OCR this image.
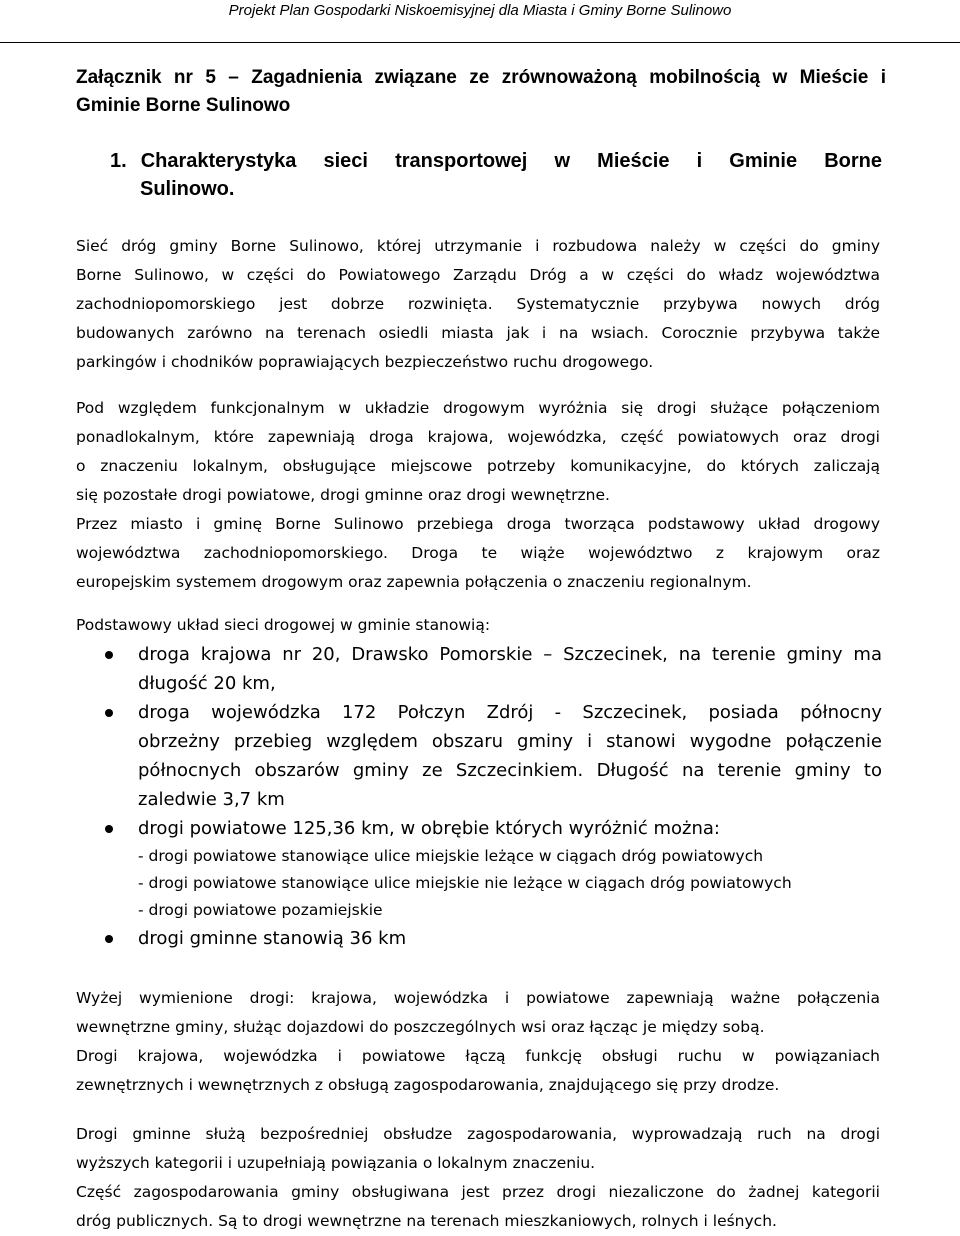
Projekt Plan Gospodarki Niskoemisyjnej dla Miasta i Gminy Borne Sulinowo
Załącznik nr 5 – Zagadnienia związane ze zrównoważoną mobilnością w Mieście i
Gminie Borne Sulinowo
1. Charakterystyka sieci transportowej w Mieście i Gminie Borne
Sulinowo.
Sieć dróg gminy Borne Sulinowo, której utrzymanie i rozbudowa należy w części do gminy
Borne Sulinowo, w części do Powiatowego Zarządu Dróg a w części do władz województwa
zachodniopomorskiego jest dobrze rozwinięta. Systematycznie przybywa nowych dróg
budowanych zarówno na terenach osiedli miasta jak i na wsiach. Corocznie przybywa także
parkingów i chodników poprawiających bezpieczeństwo ruchu drogowego.
Pod względem funkcjonalnym w układzie drogowym wyróżnia się drogi służące połączeniom
ponadlokalnym, które zapewniają droga krajowa, wojewódzka, część powiatowych oraz drogi
o znaczeniu lokalnym, obsługujące miejscowe potrzeby komunikacyjne, do których zaliczają
się pozostałe drogi powiatowe, drogi gminne oraz drogi wewnętrzne.
Przez miasto i gminę Borne Sulinowo przebiega droga tworząca podstawowy układ drogowy
województwa zachodniopomorskiego. Droga te wiąże województwo z krajowym oraz
europejskim systemem drogowym oraz zapewnia połączenia o znaczeniu regionalnym.
Podstawowy układ sieci drogowej w gminie stanowią:
droga krajowa nr 20, Drawsko Pomorskie – Szczecinek, na terenie gminy ma
długość 20 km,
droga wojewódzka 172 Połczyn Zdrój - Szczecinek, posiada północny
obrzeżny przebieg względem obszaru gminy i stanowi wygodne połączenie
północnych obszarów gminy ze Szczecinkiem. Długość na terenie gminy to
zaledwie 3,7 km
drogi powiatowe 125,36 km, w obrębie których wyróżnić można:
- drogi powiatowe stanowiące ulice miejskie leżące w ciągach dróg powiatowych
- drogi powiatowe stanowiące ulice miejskie nie leżące w ciągach dróg powiatowych
- drogi powiatowe pozamiejskie
drogi gminne stanowią 36 km
Wyżej wymienione drogi: krajowa, wojewódzka i powiatowe zapewniają ważne połączenia
wewnętrzne gminy, służąc dojazdowi do poszczególnych wsi oraz łącząc je między sobą.
Drogi krajowa, wojewódzka i powiatowe łączą funkcję obsługi ruchu w powiązaniach
zewnętrznych i wewnętrznych z obsługą zagospodarowania, znajdującego się przy drodze.
Drogi gminne służą bezpośredniej obsłudze zagospodarowania, wyprowadzają ruch na drogi
wyższych kategorii i uzupełniają powiązania o lokalnym znaczeniu.
Część zagospodarowania gminy obsługiwana jest przez drogi niezaliczone do żadnej kategorii
dróg publicznych. Są to drogi wewnętrzne na terenach mieszkaniowych, rolnych i leśnych.
